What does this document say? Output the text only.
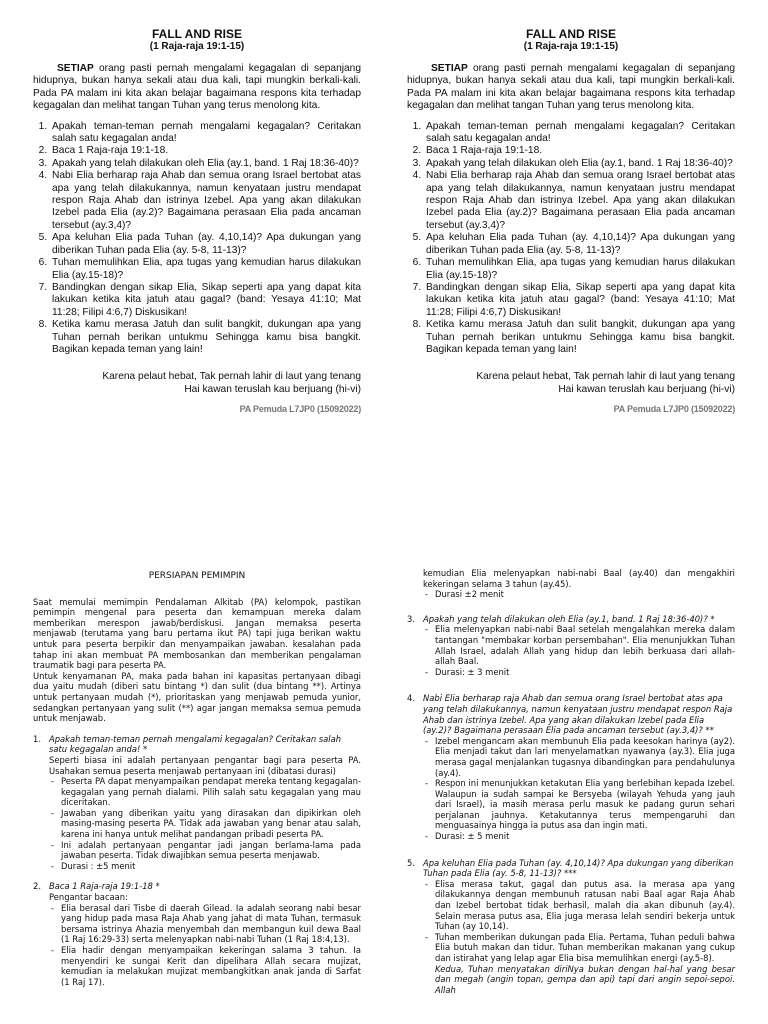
FALL AND RISE
(1 Raja-raja 19:1-15)

SETIAP orang pasti pernah mengalami kegagalan di sepanjang hidupnya, bukan hanya sekali atau dua kali, tapi mungkin berkali-kali. Pada PA malam ini kita akan belajar bagaimana respons kita terhadap kegagalan dan melihat tangan Tuhan yang terus menolong kita.

1. Apakah teman-teman pernah mengalami kegagalan? Ceritakan salah satu kegagalan anda!
2. Baca 1 Raja-raja 19:1-18.
3. Apakah yang telah dilakukan oleh Elia (ay.1, band. 1 Raj 18:36-40)?
4. Nabi Elia berharap raja Ahab dan semua orang Israel bertobat atas apa yang telah dilakukannya, namun kenyataan justru mendapat respon Raja Ahab dan istrinya Izebel. Apa yang akan dilakukan Izebel pada Elia (ay.2)? Bagaimana perasaan Elia pada ancaman tersebut (ay.3,4)?
5. Apa keluhan Elia pada Tuhan (ay. 4,10,14)? Apa dukungan yang diberikan Tuhan pada Elia (ay. 5-8, 11-13)?
6. Tuhan memulihkan Elia, apa tugas yang kemudian harus dilakukan Elia (ay.15-18)?
7. Bandingkan dengan sikap Elia, Sikap seperti apa yang dapat kita lakukan ketika kita jatuh atau gagal? (band: Yesaya 41:10; Mat 11:28; Filipi 4:6,7) Diskusikan!
8. Ketika kamu merasa Jatuh dan sulit bangkit, dukungan apa yang Tuhan pernah berikan untukmu Sehingga kamu bisa bangkit. Bagikan kepada teman yang lain!
Karena pelaut hebat, Tak pernah lahir di laut yang tenang
Hai kawan teruslah kau berjuang (hi-vi)
PA Pemuda L7JP0 (15092022)
FALL AND RISE
(1 Raja-raja 19:1-15)

SETIAP orang pasti pernah mengalami kegagalan di sepanjang hidupnya, bukan hanya sekali atau dua kali, tapi mungkin berkali-kali. Pada PA malam ini kita akan belajar bagaimana respons kita terhadap kegagalan dan melihat tangan Tuhan yang terus menolong kita.

1. Apakah teman-teman pernah mengalami kegagalan? Ceritakan salah satu kegagalan anda!
2. Baca 1 Raja-raja 19:1-18.
3. Apakah yang telah dilakukan oleh Elia (ay.1, band. 1 Raj 18:36-40)?
4. Nabi Elia berharap raja Ahab dan semua orang Israel bertobat atas apa yang telah dilakukannya, namun kenyataan justru mendapat respon Raja Ahab dan istrinya Izebel. Apa yang akan dilakukan Izebel pada Elia (ay.2)? Bagaimana perasaan Elia pada ancaman tersebut (ay.3,4)?
5. Apa keluhan Elia pada Tuhan (ay. 4,10,14)? Apa dukungan yang diberikan Tuhan pada Elia (ay. 5-8, 11-13)?
6. Tuhan memulihkan Elia, apa tugas yang kemudian harus dilakukan Elia (ay.15-18)?
7. Bandingkan dengan sikap Elia, Sikap seperti apa yang dapat kita lakukan ketika kita jatuh atau gagal? (band: Yesaya 41:10; Mat 11:28; Filipi 4:6,7) Diskusikan!
8. Ketika kamu merasa Jatuh dan sulit bangkit, dukungan apa yang Tuhan pernah berikan untukmu Sehingga kamu bisa bangkit. Bagikan kepada teman yang lain!
Karena pelaut hebat, Tak pernah lahir di laut yang tenang
Hai kawan teruslah kau berjuang (hi-vi)
PA Pemuda L7JP0 (15092022)
PERSIAPAN PEMIMPIN

Saat memulai memimpin Pendalaman Alkitab (PA) kelompok, pastikan pemimpin mengenal para peserta dan kemampuan mereka dalam memberikan merespon jawab/berdiskusi. Jangan memaksa peserta menjawab (terutama yang baru pertama ikut PA) tapi juga berikan waktu untuk para peserta berpikir dan menyampaikan jawaban. kesalahan pada tahap ini akan membuat PA membosankan dan memberikan pengalaman traumatik bagi para peserta PA.

Untuk kenyamanan PA, maka pada bahan ini kapasitas pertanyaan dibagi dua yaitu mudah (diberi satu bintang *) dan sulit (dua bintang **). Artinya untuk pertanyaan mudah (*), prioritaskan yang menjawab pemuda yunior, sedangkan pertanyaan yang sulit (**) agar jangan memaksa semua pemuda untuk menjawab.

1. Apakah teman-teman pernah mengalami kegagalan? Ceritakan salah satu kegagalan anda! *

Seperti biasa ini adalah pertanyaan pengantar bagi para peserta PA. Usahakan semua peserta menjawab pertanyaan ini (dibatasi durasi)

- Peserta PA dapat menyampaikan pendapat mereka tentang kegagalan-kegagalan yang pernah dialami. Pilih salah satu kegagalan yang mau diceritakan.
- Jawaban yang diberikan yaitu yang dirasakan dan dipikirkan oleh masing-masing peserta PA. Tidak ada jawaban yang benar atau salah, karena ini hanya untuk melihat pandangan pribadi peserta PA.
- Ini adalah pertanyaan pengantar jadi jangan berlama-lama pada jawaban peserta. Tidak diwajibkan semua peserta menjawab.
- Durasi : ±5 menit
2. Baca 1 Raja-raja 19:1-18 *

Pengantar bacaan:

- Elia berasal dari Tisbe di daerah Gilead. Ia adalah seorang nabi besar yang hidup pada masa Raja Ahab yang jahat di mata Tuhan, termasuk bersama istrinya Ahazia menyembah dan membangun kuil dewa Baal (1 Raj 16:29-33) serta melenyapkan nabi-nabi Tuhan (1 Raj 18:4,13).
- Elia hadir dengan menyampaikan kekeringan salama 3 tahun. Ia menyendiri ke sungai Kerit dan dipelihara Allah secara mujizat, kemudian ia melakukan mujizat membangkitkan anak janda di Sarfat (1 Raj 17).

kemudian Elia melenyapkan nabi-nabi Baal (ay.40) dan mengakhiri kekeringan selama 3 tahun (ay.45).

- Durasi ±2 menit
3. Apakah yang telah dilakukan oleh Elia (ay.1, band. 1 Raj 18:36-40)? *
- Elia melenyapkan nabi-nabi Baal setelah mengalahkan mereka dalam tantangan "membakar korban persembahan". Elia menunjukkan Tuhan Allah Israel, adalah Allah yang hidup dan lebih berkuasa dari allah-allah Baal.
- Durasi: ± 3 menit
4. Nabi Elia berharap raja Ahab dan semua orang Israel bertobat atas apa yang telah dilakukannya, namun kenyataan justru mendapat respon Raja Ahab dan istrinya Izebel. Apa yang akan dilakukan Izebel pada Elia (ay.2)? Bagaimana perasaan Elia pada ancaman tersebut (ay.3,4)? **
- Izebel mengancam akan membunuh Elia pada keesokan harinya (ay2). Elia menjadi takut dan lari menyelamatkan nyawanya (ay.3). Elia juga merasa gagal menjalankan tugasnya dibandingkan para pendahulunya (ay.4).
- Respon ini menunjukkan ketakutan Elia yang berlebihan kepada Izebel. Walaupun ia sudah sampai ke Bersyeba (wilayah Yehuda yang jauh dari Israel), ia masih merasa perlu masuk ke padang gurun sehari perjalanan jauhnya. Ketakutannya terus mempengaruhi dan menguasainya hingga ia putus asa dan ingin mati.
- Durasi: ± 5 menit
5. Apa keluhan Elia pada Tuhan (ay. 4,10,14)? Apa dukungan yang diberikan Tuhan pada Elia (ay. 5-8, 11-13)? ***
- Elisa merasa takut, gagal dan putus asa. Ia merasa apa yang dilakukannya dengan membunuh ratusan nabi Baal agar Raja Ahab dan Izebel bertobat tidak berhasil, malah dia akan dibunuh (ay.4). Selain merasa putus asa, Elia juga merasa lelah sendiri bekerja untuk Tuhan (ay 10,14).
- Tuhan memberikan dukungan pada Elia. Pertama, Tuhan peduli bahwa Elia butuh makan dan tidur. Tuhan memberikan makanan yang cukup dan istirahat yang lelap agar Elia bisa memulihkan energi (ay.5-8).

Kedua, Tuhan menyatakan diriNya bukan dengan hal-hal yang besar dan megah (angin topan, gempa dan api) tapi dari angin sepoi-sepoi. Allah
